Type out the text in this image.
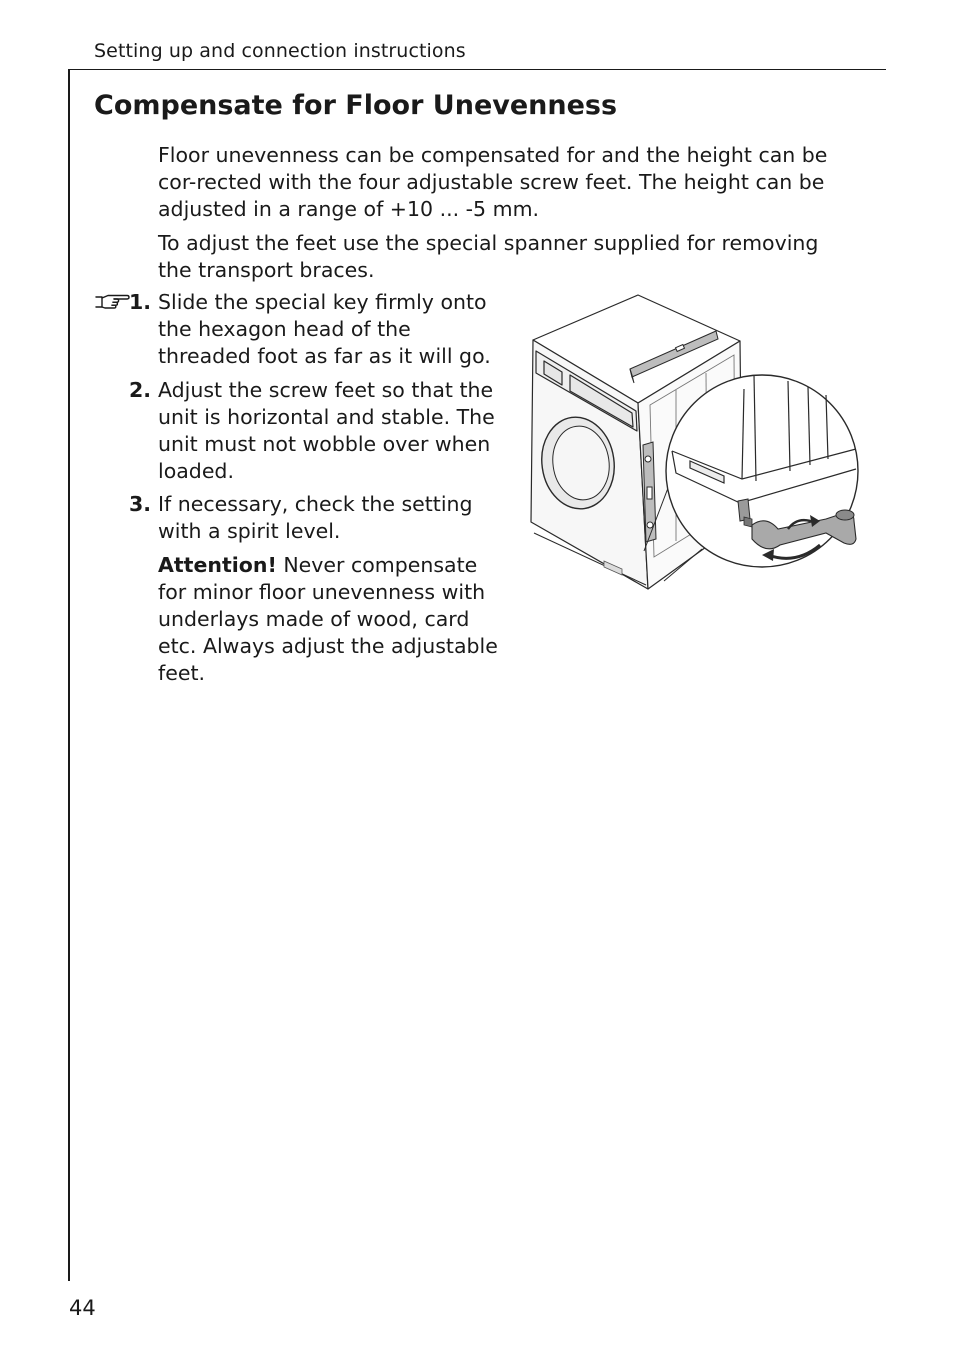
Setting up and connection instructions
Compensate for Floor Unevenness

Floor unevenness can be compensated for and the height can be cor-rected with the four adjustable screw feet. The height can be adjusted in a range of +10 ... -5 mm.

To adjust the feet use the special spanner supplied for removing the transport braces.

1. Slide the special key firmly onto the hexagon head of the threaded foot as far as it will go.

2. Adjust the screw feet so that the unit is horizontal and stable. The unit must not wobble over when loaded.

3. If necessary, check the setting with a spirit level.

Attention! Never compensate for minor floor unevenness with underlays made of wood, card etc. Always adjust the adjustable feet.

44
